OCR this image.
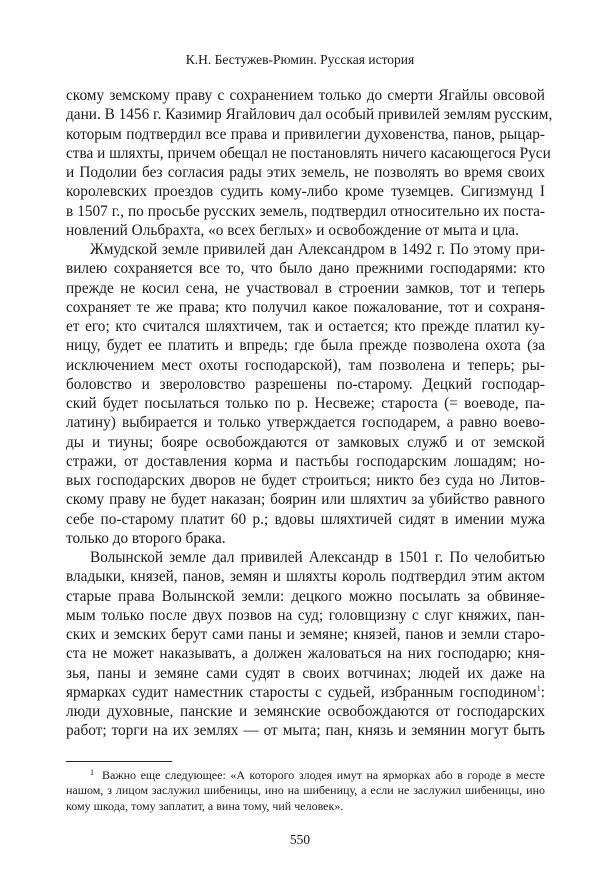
К.Н. Бестужев-Рюмин. Русская история
скому земскому праву с сохранением только до смерти Ягайлы овсовой
дани. В 1456 г. Казимир Ягайлович дал особый привилей землям русским,
которым подтвердил все права и привилегии духовенства, панов, рыцар-
ства и шляхты, причем обещал не постановлять ничего касающегося Руси
и Подолии без согласия рады этих земель, не позволять во время своих
королевских проездов судить кому-либо кроме туземцев. Сигизмунд I
в 1507 г., по просьбе русских земель, подтвердил относительно их поста-
новлений Ольбрахта, «о всех беглых» и освобождение от мыта и цла.
Жмудской земле привилей дан Александром в 1492 г. По этому при-
вилею сохраняется все то, что было дано прежними господарями: кто
прежде не косил сена, не участвовал в строении замков, тот и теперь
сохраняет те же права; кто получил какое пожалование, тот и сохраня-
ет его; кто считался шляхтичем, так и остается; кто прежде платил ку-
ницу, будет ее платить и впредь; где была прежде позволена охота (за
исключением мест охоты господарской), там позволена и теперь; ры-
боловство и звероловство разрешены по-старому. Децкий господар-
ский будет посылаться только по р. Несвеже; староста (= воеводе, па-
латину) выбирается и только утверждается господарем, а равно воево-
ды и тиуны; бояре освобождаются от замковых служб и от земской
стражи, от доставления корма и пастьбы господарским лошадям; но-
вых господарских дворов не будет строиться; никто без суда но Литов-
скому праву не будет наказан; боярин или шляхтич за убийство равного
себе по-старому платит 60 р.; вдовы шляхтичей сидят в имении мужа
только до второго брака.
Волынской земле дал привилей Александр в 1501 г. По челобитью
владыки, князей, панов, земян и шляхты король подтвердил этим актом
старые права Волынской земли: децкого можно посылать за обвиняе-
мым только после двух позвов на суд; головщизну с слуг княжих, пан-
ских и земских берут сами паны и земяне; князей, панов и земли старо-
ста не может наказывать, а должен жаловаться на них господарю; кня-
зья, паны и земяне сами судят в своих вотчинах; людей их даже на
ярмарках судит наместник старосты с судьей, избранным господином$^1$:
люди духовные, панские и земянские освобождаются от господарских
работ; торги на их землях — от мыта; пан, князь и земянин могут быть
$^1$ Важно еще следующее: «А которого злодея имут на ярморках або в городе в месте
нашом, з лицом заслужил шибеницы, ино на шибеницу, а если не заслужил шибеницы, ино
кому шкода, тому заплатит, а вина тому, чий человек».
550
